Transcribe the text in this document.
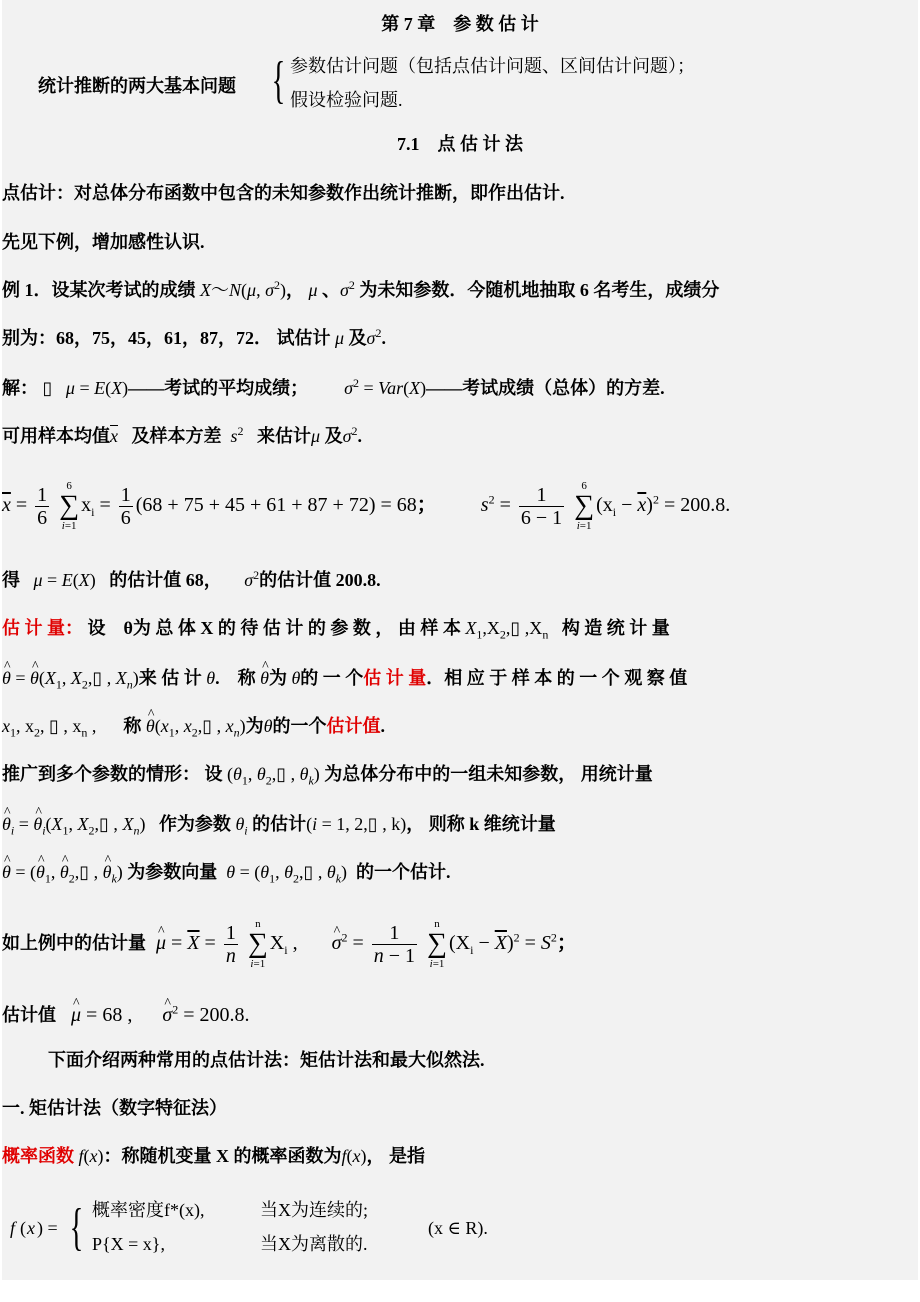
第 7 章　参 数 估 计
统计推断的两大基本问题 { 参数估计问题（包括点估计问题、区间估计问题）；
假设检验问题.
7.1　点 估 计 法
点估计：对总体分布函数中包含的未知参数作出统计推断，即作出估计.
先见下例，增加感性认识.
例 1．设某次考试的成绩 X～N(μ, $\sigma^2$)， μ 、$\sigma^2$ 为未知参数．今随机地抽取 6 名考生，成绩分
别为：68，75，45，61，87，72． 试估计 μ 及$\sigma^2$.
解： ▯ μ = E(X)——考试的平均成绩； $\sigma^2$ = Var(X)——考试成绩（总体）的方差.
可用样本均值$\overline{x}$ 及样本方差 $s^2$ 来估计μ 及$\sigma^2$.
$\overline{x} = \frac{1}{6}$
	6
∑
i=1
$x_i = \frac{1}{6} (68 + 75 + 45 + 61 + 87 + 72) = 68$； $s^2 = \frac{1}{6 - 1}$
	6
∑
i=1
$(x_i - \overline{x})^2 = 200.8$.
得 μ = E(X) 的估计值 68， $\sigma^2$的估计值 200.8.
估 计 量： 设　θ为 总 体 X 的 待 估 计 的 参 数 ， 由 样 本 $X_1,X_2,▯$ $,X_n$ 构 造 统 计 量
^ θ = ^ $\theta(X_1$, $X_2,▯$ , $X_n$)来 估 计 θ.    称 ^ θ为 θ的 一 个估 计 量．相 应 于 样 本 的 一 个 观 察 值
$x_1$, $x_2$, ▯ , $x_n$ , 称 ^ $\theta(x_1$, $x_2,▯$ , $x_n$)为θ的一个估计值.
推广到多个参数的情形： 设 ($\theta_1$, $\theta_2,▯$ , $\theta_k$) 为总体分布中的一组未知参数， 用统计量
^ $\theta_i$ = ^ $\theta_i(X_1$, $X_2,▯$ , $X_n$) 作为参数 $\theta_i$ 的估计(i = 1, 2,▯ , k)， 则称 k 维统计量
^ θ = (^ $\theta_1$, ^ $\theta_2,▯$ , ^ $\theta_k$) 为参数向量 $\theta = (\theta_1$, $\theta_2,▯$ , $\theta_k$) 的一个估计.
如上例中的估计量 ^ $\mu = \overline{X} = \frac{1}{n}$
	n
∑
i=1
$X_i$ ,  ^ $\sigma^2 = \frac{1}{n - 1}$
	n
∑
i=1
$(X_i - \overline{X})^2 = S^2$；
估计值 ^ μ = 68 ,      ^ $\sigma^2 = 200.8$.
下面介绍两种常用的点估计法：矩估计法和最大似然法.
一. 矩估计法（数字特征法）
概率函数 f(x)：称随机变量 X 的概率函数为f(x)， 是指
f ( x ) = { 概率密度f*(x),	当X为连续的;
P{X = x},	当X为离散的.
(x ∈ R).
